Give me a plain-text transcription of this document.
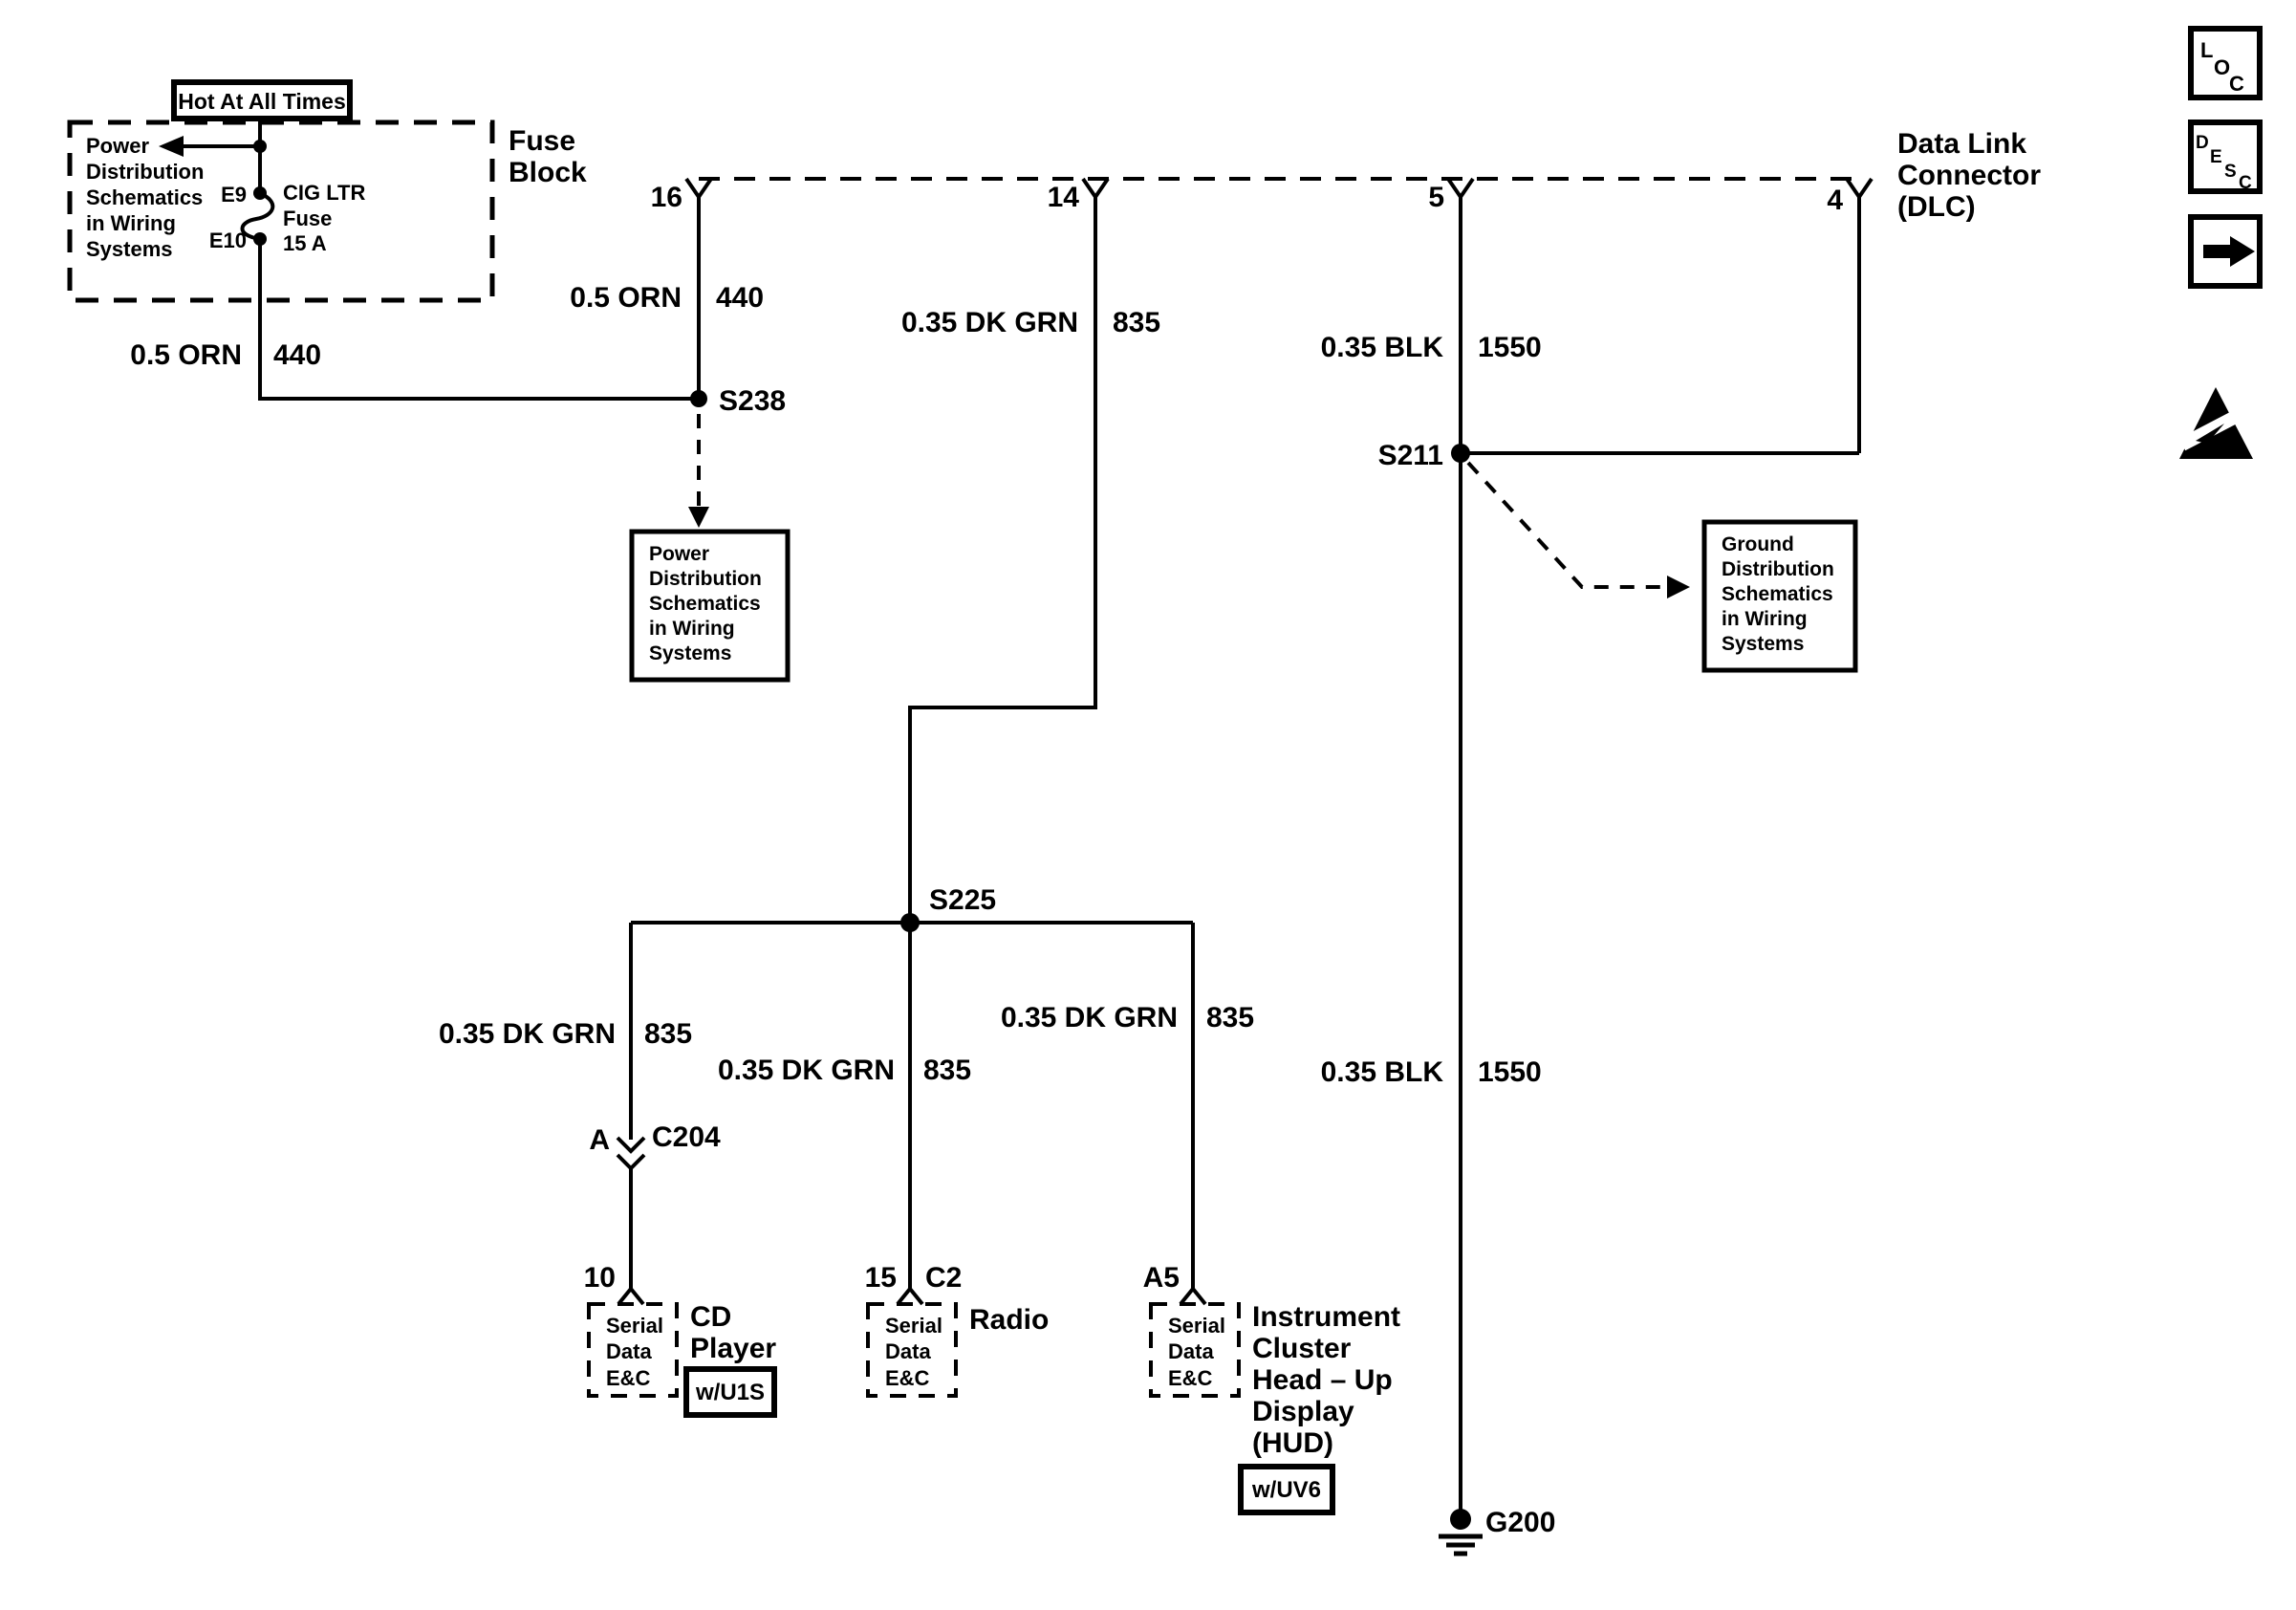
Hot At All Times
Fuse
Block
Power
Distribution
Schematics
in Wiring
Systems
E9
E10
CIG LTR
Fuse
15 A
0.5 ORN 440
16	14	5	4
Data Link
Connector
(DLC)
0.5 ORN 440
S238
Power
Distribution
Schematics
in Wiring
Systems
0.35 DK GRN 835
S225
0.35 DK GRN 835
A C204
0.35 DK GRN 835
0.35 DK GRN 835
10
Serial
Data
E&C
CD
Player
w/U1S
15 C2
Serial
Data
E&C
Radio
A5
Serial
Data
E&C
Instrument
Cluster
Head – Up
Display
(HUD)
w/UV6
0.35 BLK 1550
S211
Ground
Distribution
Schematics
in Wiring
Systems
0.35 BLK 1550
G200
L
O
C
D
E
S
C
